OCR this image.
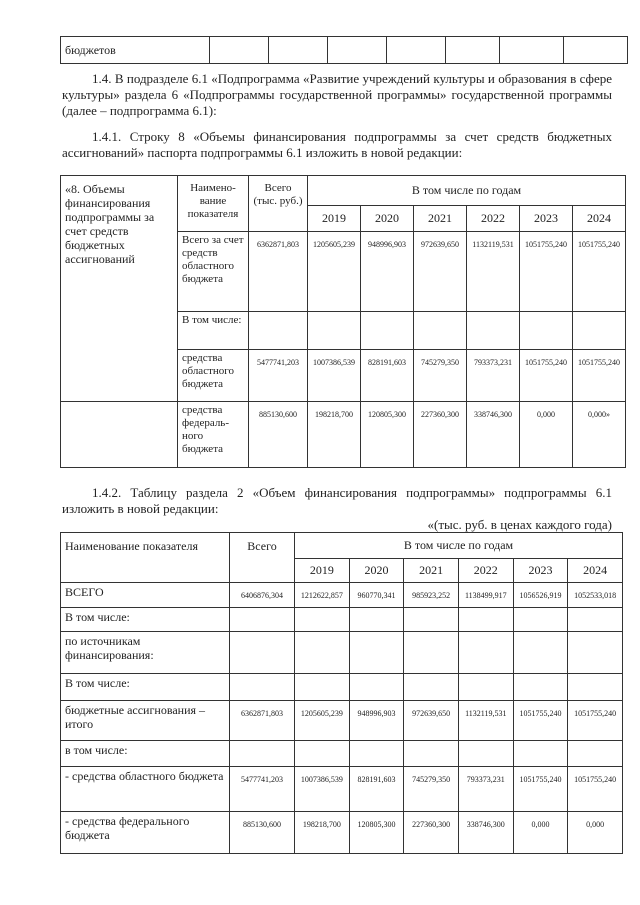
бюджетов							
1.4. В подразделе 6.1 «Подпрограмма «Развитие учреждений культуры и образования в сфере культуры» раздела 6 «Подпрограммы государственной программы» государственной программы (далее – подпрограмма 6.1):
1.4.1. Строку 8 «Объемы финансирования подпрограммы за счет средств бюджетных ассигнований» паспорта подпрограммы 6.1 изложить в новой редакции:
«8. Объемы финансирования подпрограммы за счет средств бюджетных ассигнований	Наимено-вание показателя	Всего (тыс. руб.)	В том числе по годам					
			2019	2020	2021	2022	2023	2024
	Всего за счет средств областного бюджета	6362871,803	1205605,239	948996,903	972639,650	1132119,531	1051755,240	1051755,240
	В том числе:							
	средства областного бюджета	5477741,203	1007386,539	828191,603	745279,350	793373,231	1051755,240	1051755,240
	средства федераль-ного бюджета	885130,600	198218,700	120805,300	227360,300	338746,300	0,000	0,000»
1.4.2. Таблицу раздела 2 «Объем финансирования подпрограммы» подпрограммы 6.1 изложить в новой редакции:
«(тыс. руб. в ценах каждого года)
Наименование показателя	Всего	В том числе по годам					
		2019	2020	2021	2022	2023	2024
ВСЕГО	6406876,304	1212622,857	960770,341	985923,252	1138499,917	1056526,919	1052533,018
В том числе:							
по источникам финансирования:							
В том числе:							
бюджетные ассигнования – итого	6362871,803	1205605,239	948996,903	972639,650	1132119,531	1051755,240	1051755,240
в том числе:							
- средства областного бюджета	5477741,203	1007386,539	828191,603	745279,350	793373,231	1051755,240	1051755,240
- средства федерального бюджета	885130,600	198218,700	120805,300	227360,300	338746,300	0,000	0,000
